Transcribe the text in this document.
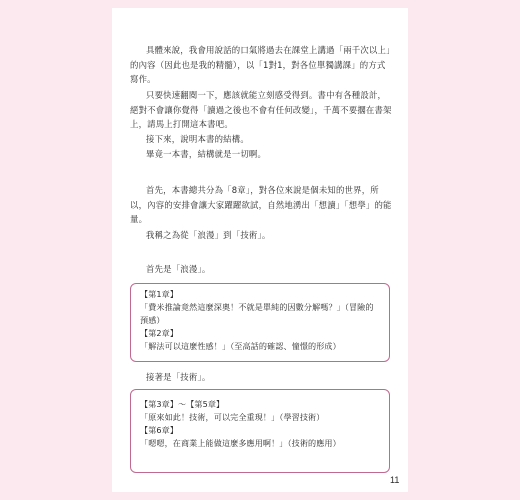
具體來說，我會用說話的口氣將過去在課堂上講過「兩千次以上」的內容（因此也是我的精髓），以「1對1，對各位單獨講課」的方式寫作。

只要快速翻閱一下，應該就能立刻感受得到。書中有各種設計，絕對不會讓你覺得「讀過之後也不會有任何改變」，千萬不要擱在書架上，請馬上打開這本書吧。

接下來，說明本書的結構。

畢竟一本書，結構就是一切啊。

首先，本書總共分為「8章」，對各位來說是個未知的世界，所以，內容的安排會讓大家躍躍欲試，自然地湧出「想讀」「想學」的能量。

我稱之為從「浪漫」到「技術」。

首先是「浪漫」。

【第1章】

「費米推論竟然這麼深奧！不就是單純的因數分解嗎？」（冒險的預感）

【第2章】

「解法可以這麼性感！」（至高話的確認、憧憬的形成）

接著是「技術」。

【第3章】～【第5章】

「原來如此！技術，可以完全重現！」（學習技術）

【第6章】

「嗯嗯，在商業上能做這麼多應用啊！」（技術的應用）

11
